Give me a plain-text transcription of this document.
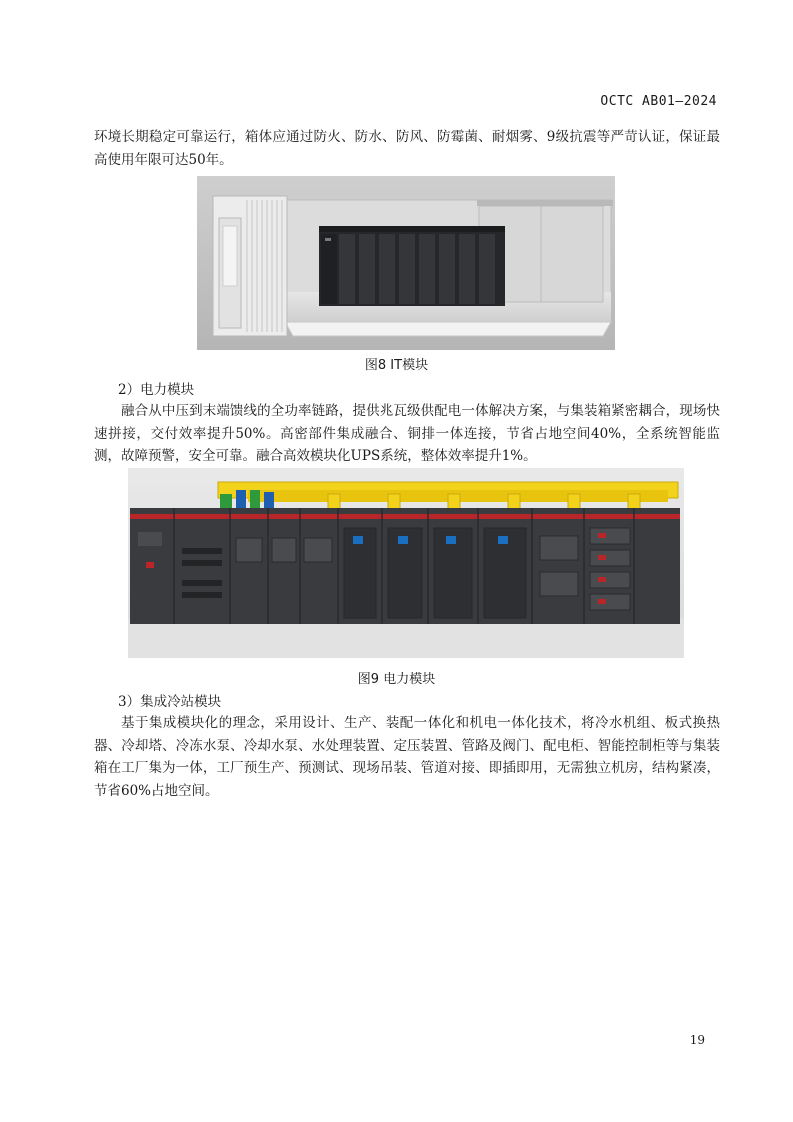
OCTC AB01—2024
环境长期稳定可靠运行，箱体应通过防火、防水、防风、防霉菌、耐烟雾、9级抗震等严苛认证，保证最高使用年限可达50年。
图8 IT模块
2）电力模块
融合从中压到末端馈线的全功率链路，提供兆瓦级供配电一体解决方案，与集装箱紧密耦合，现场快速拼接，交付效率提升50%。高密部件集成融合、铜排一体连接，节省占地空间40%，全系统智能监测，故障预警，安全可靠。融合高效模块化UPS系统，整体效率提升1%。
图9 电力模块
3）集成冷站模块
基于集成模块化的理念，采用设计、生产、装配一体化和机电一体化技术，将冷水机组、板式换热器、冷却塔、冷冻水泵、冷却水泵、水处理装置、定压装置、管路及阀门、配电柜、智能控制柜等与集装箱在工厂集为一体，工厂预生产、预测试、现场吊装、管道对接、即插即用，无需独立机房，结构紧凑，节省60%占地空间。
19
